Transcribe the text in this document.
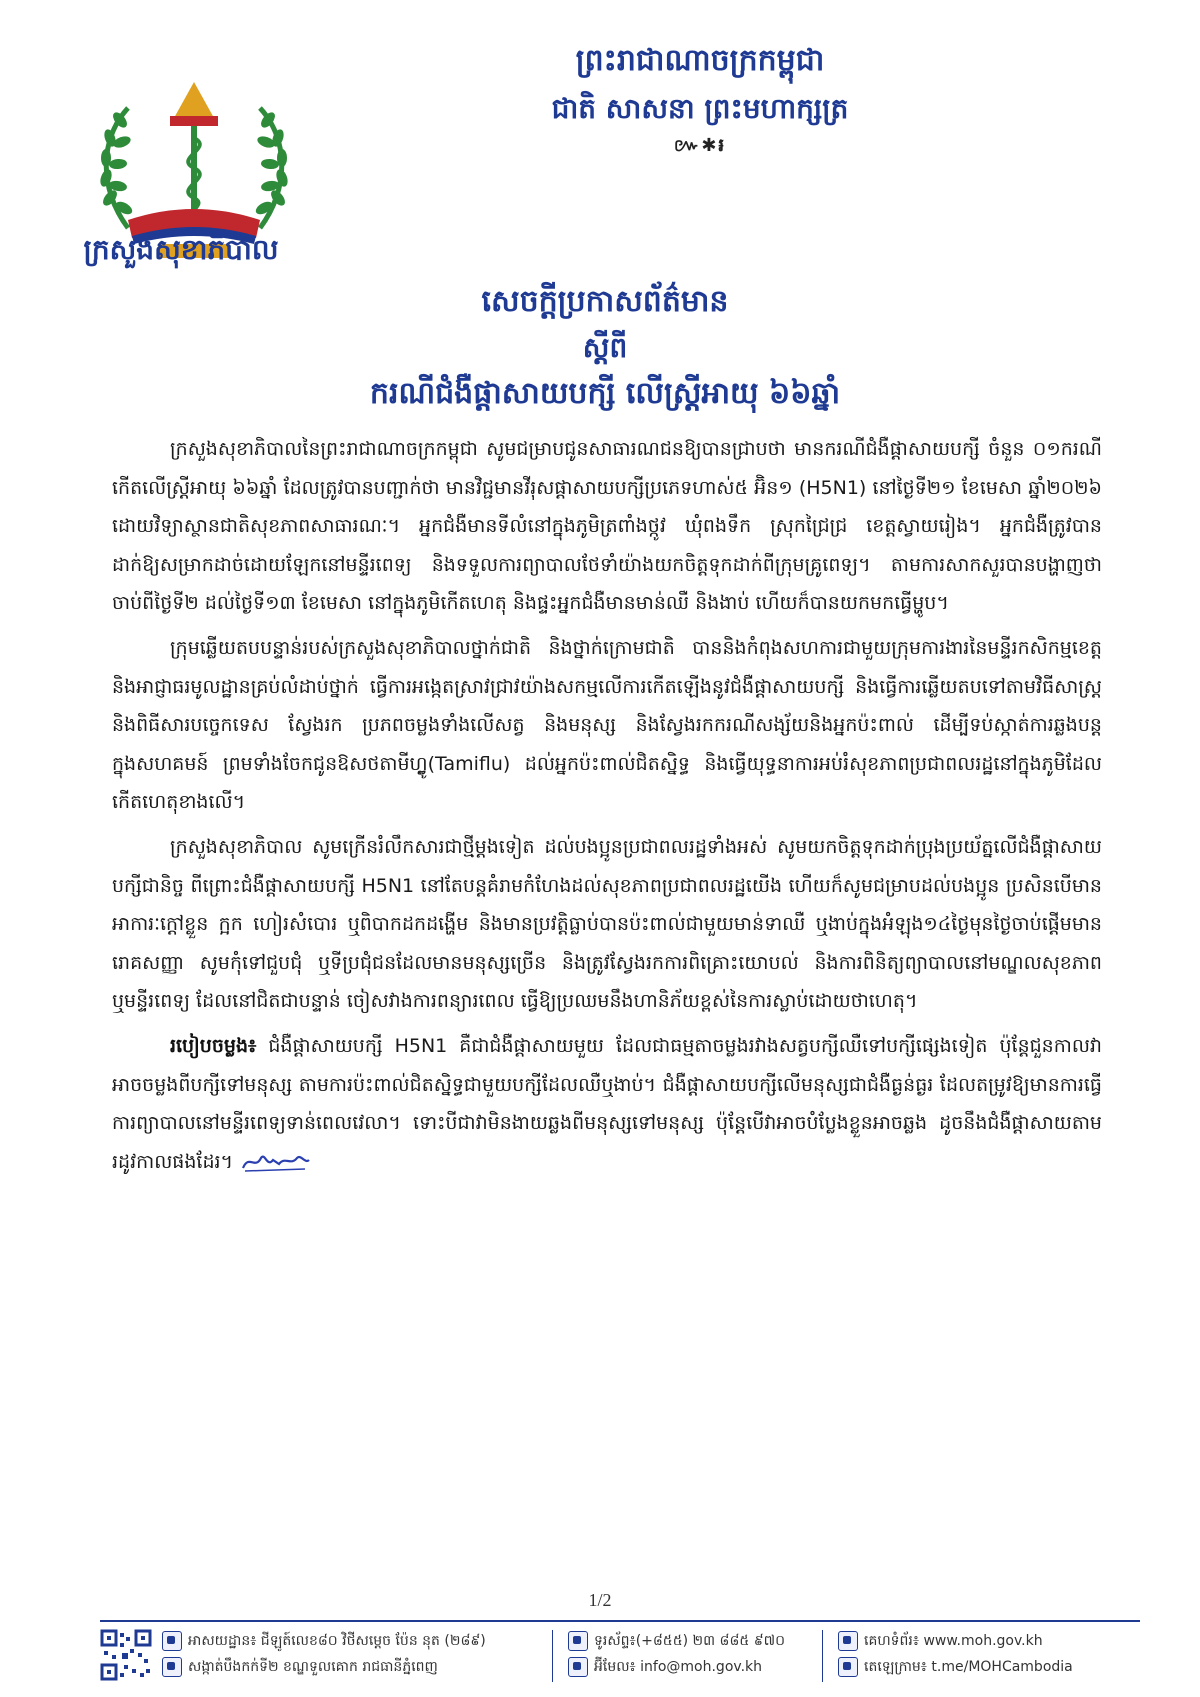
ក្រសួងសុខាភិបាល
ព្រះរាជាណាចក្រកម្ពុជា
ជាតិ សាសនា ព្រះមហាក្សត្រ
៚✱៛
សេចក្តីប្រកាសព័ត៌មាន
ស្តីពី
ករណីជំងឺផ្តាសាយបក្សី លើស្ត្រីអាយុ ៦៦ឆ្នាំ

ក្រសួងសុខាភិបាលនៃព្រះរាជាណាចក្រកម្ពុជា សូមជម្រាបជូនសាធារណជនឱ្យបានជ្រាបថា មានករណីជំងឺផ្តាសាយបក្សី ចំនួន ០១ករណី កើតលើស្ត្រីអាយុ ៦៦ឆ្នាំ ដែលត្រូវបានបញ្ជាក់ថា មានវិជ្ជមានវីរុសផ្តាសាយបក្សីប្រភេទហាស់៥ អ៊ិន១ (H5N1) នៅថ្ងៃទី២១ ខែមេសា ឆ្នាំ២០២៦ ដោយវិទ្យាស្ថានជាតិសុខភាពសាធារណៈ។ អ្នកជំងឺមានទីលំនៅក្នុងភូមិត្រពាំងថ្កូវ ឃុំពងទឹក ស្រុកជ្រៃជ្រ ខេត្តស្វាយរៀង។ អ្នកជំងឺត្រូវបានដាក់ឱ្យសម្រាកដាច់ដោយឡែកនៅមន្ទីរពេទ្យ និងទទួលការព្យាបាលថែទាំយ៉ាងយកចិត្តទុកដាក់ពីក្រុមគ្រូពេទ្យ។ តាមការសាកសួរបានបង្ហាញថា ចាប់ពីថ្ងៃទី២ ដល់ថ្ងៃទី១៣ ខែមេសា នៅក្នុងភូមិកើតហេតុ និងផ្ទះអ្នកជំងឺមានមាន់ឈឺ និងងាប់ ហើយក៏បានយកមកធ្វើម្ហូប។

ក្រុមឆ្លើយតបបន្ទាន់របស់ក្រសួងសុខាភិបាលថ្នាក់ជាតិ និងថ្នាក់ក្រោមជាតិ បាននិងកំពុងសហការជាមួយក្រុមការងារនៃមន្ទីរកសិកម្មខេត្ត និងអាជ្ញាធរមូលដ្ឋានគ្រប់លំដាប់ថ្នាក់ ធ្វើការអង្កេតស្រាវជ្រាវយ៉ាងសកម្មលើការកើតឡើងនូវជំងឺផ្តាសាយបក្សី និងធ្វើការឆ្លើយតបទៅតាមវិធីសាស្ត្រ និងពិធីសារបច្ចេកទេស ស្វែងរក ប្រភពចម្លងទាំងលើសត្វ និងមនុស្ស និងស្វែងរកករណីសង្ស័យនិងអ្នកប៉ះពាល់ ដើម្បីទប់ស្កាត់ការឆ្លងបន្តក្នុងសហគមន៍ ព្រមទាំងចែកជូនឱសថតាមីហ្វ្លូ(Tamiflu) ដល់អ្នកប៉ះពាល់ជិតស្និទ្ធ និងធ្វើយុទ្ធនាការអប់រំសុខភាពប្រជាពលរដ្ឋនៅក្នុងភូមិដែលកើតហេតុខាងលើ។

ក្រសួងសុខាភិបាល សូមក្រើនរំលឹកសារជាថ្មីម្តងទៀត ដល់បងប្អូនប្រជាពលរដ្ឋទាំងអស់ សូមយកចិត្តទុកដាក់ប្រុងប្រយ័ត្នលើជំងឺផ្តាសាយបក្សីជានិច្ច ពីព្រោះជំងឺផ្តាសាយបក្សី H5N1 នៅតែបន្តគំរាមកំហែងដល់សុខភាពប្រជាពលរដ្ឋយើង ហើយក៏សូមជម្រាបដល់បងប្អូន ប្រសិនបើមានអាការៈក្តៅខ្លួន ក្អក ហៀរសំបោរ ឬពិបាកដកដង្ហើម និងមានប្រវត្តិធ្លាប់បានប៉ះពាល់ជាមួយមាន់ទាឈឺ ឬងាប់ក្នុងអំឡុង១៤ថ្ងៃមុនថ្ងៃចាប់ផ្តើមមានរោគសញ្ញា សូមកុំទៅជួបជុំ ឬទីប្រជុំជនដែលមានមនុស្សច្រើន និងត្រូវស្វែងរកការពិគ្រោះយោបល់ និងការពិនិត្យព្យាបាលនៅមណ្ឌលសុខភាព ឬមន្ទីរពេទ្យ ដែលនៅជិតជាបន្ទាន់ ចៀសវាងការពន្យារពេល ធ្វើឱ្យប្រឈមនឹងហានិភ័យខ្ពស់នៃការស្លាប់ដោយថាហេតុ។

របៀបចម្លង៖ ជំងឺផ្តាសាយបក្សី H5N1 គឺជាជំងឺផ្តាសាយមួយ ដែលជាធម្មតាចម្លងរវាងសត្វបក្សីឈឺទៅបក្សីផ្សេងទៀត ប៉ុន្តែជួនកាលវាអាចចម្លងពីបក្សីទៅមនុស្ស តាមការប៉ះពាល់ជិតស្និទ្ធជាមួយបក្សីដែលឈឺឬងាប់។ ជំងឺផ្តាសាយបក្សីលើមនុស្សជាជំងឺធ្ងន់ធ្ងរ ដែលតម្រូវឱ្យមានការធ្វើការព្យាបាលនៅមន្ទីរពេទ្យទាន់ពេលវេលា។ ទោះបីជាវាមិនងាយឆ្លងពីមនុស្សទៅមនុស្ស ប៉ុន្តែបើវាអាចបំប្លែងខ្លួនអាចឆ្លង ដូចនឹងជំងឺផ្តាសាយតាមរដូវកាលផងដែរ។

1/2
អាសយដ្ឋាន៖ ជីឡូត៍លេខ៨០ វិថីសម្តេច ប៉ែន នុត (២៨៩)
សង្កាត់បឹងកក់ទី២ ខណ្ឌទួលគោក រាជធានីភ្នំពេញ
ទូរស័ព្ទ៖(+៨៥៥) ២៣ ៨៨៥ ៩៧០
អ៊ីមែល៖ info@moh.gov.kh
គេហទំព័រ៖ www.moh.gov.kh
តេឡេក្រាម៖ t.me/MOHCambodia
